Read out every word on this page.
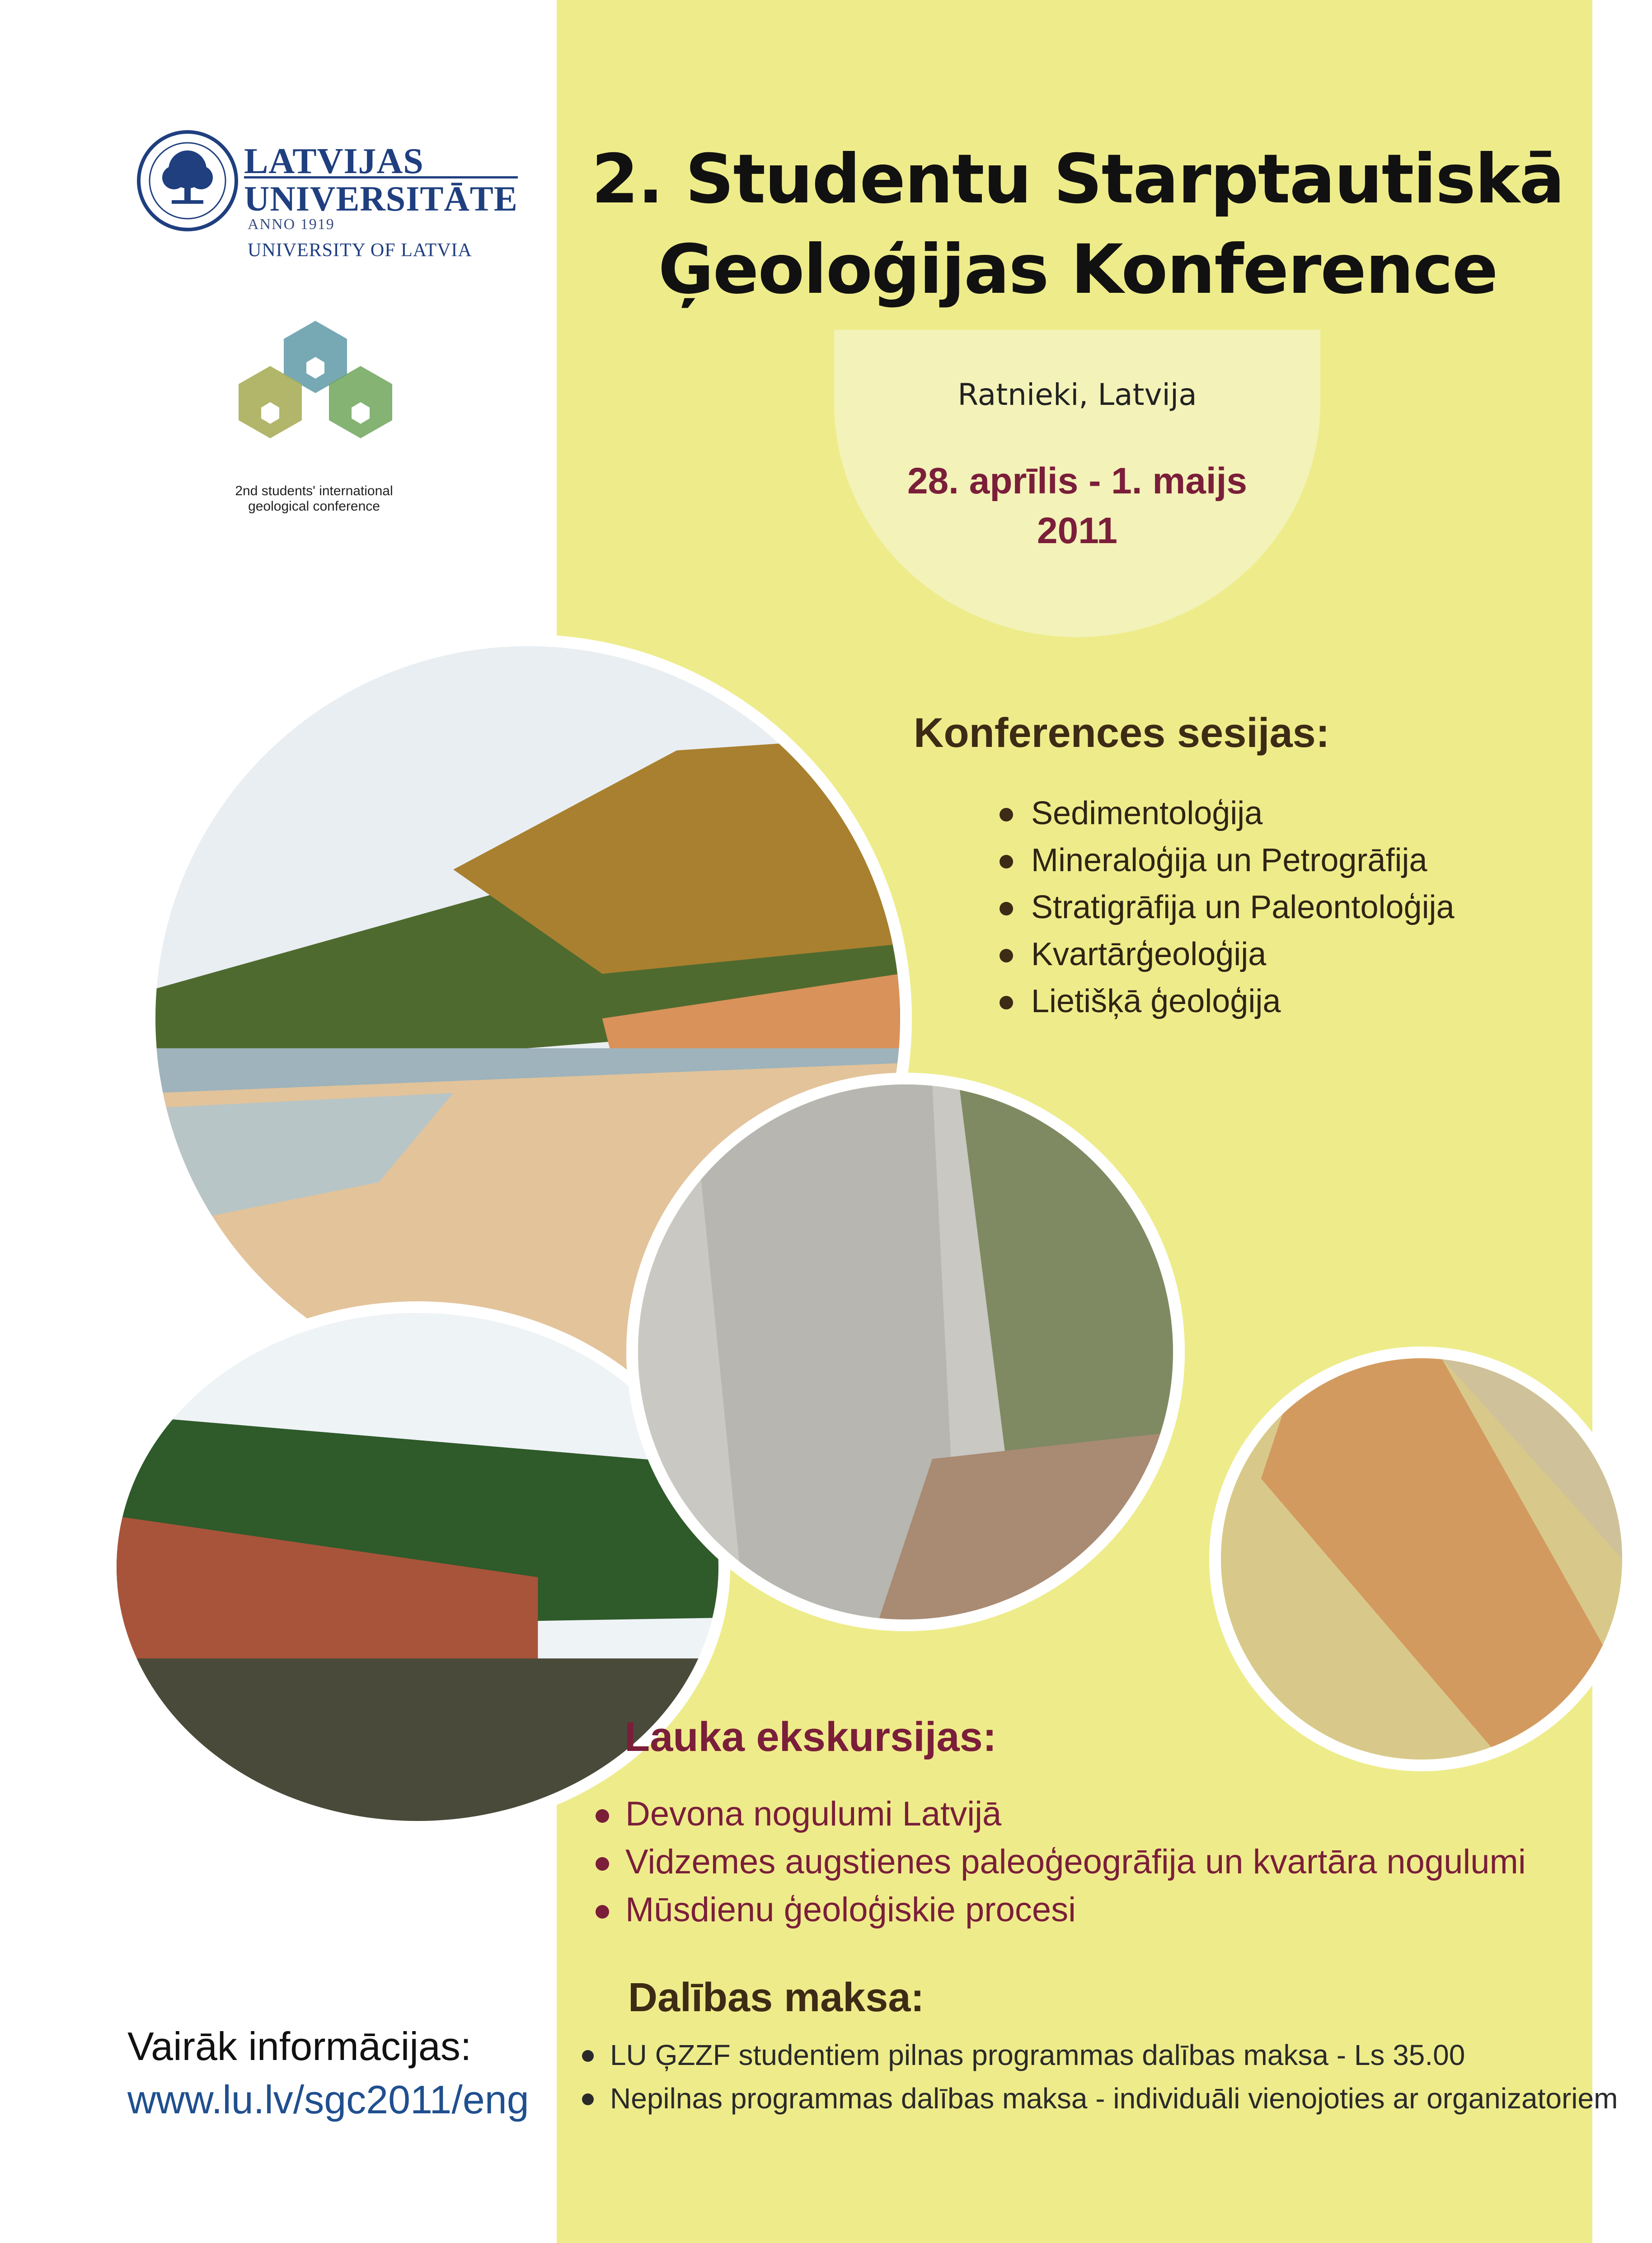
LATVIJAS
UNIVERSITĀTE
ANNO 1919
UNIVERSITY OF LATVIA
2nd students' international
geological conference
2. Studentu Starptautiskā
Ģeoloģijas Konference
Ratnieki, Latvija
28. aprīlis - 1. maijs
2011
Konferences sesijas:
Sedimentoloģija
Mineraloģija un Petrogrāfija
Stratigrāfija un Paleontoloģija
Kvartārģeoloģija
Lietišķā ģeoloģija
Lauka ekskursijas:
Devona nogulumi Latvijā
Vidzemes augstienes paleoģeogrāfija un kvartāra nogulumi
Mūsdienu ģeoloģiskie procesi
Dalības maksa:
LU ĢZZF studentiem pilnas programmas dalības maksa - Ls 35.00
Nepilnas programmas dalības maksa - individuāli vienojoties ar organizatoriem
Vairāk informācijas:
www.lu.lv/sgc2011/eng
